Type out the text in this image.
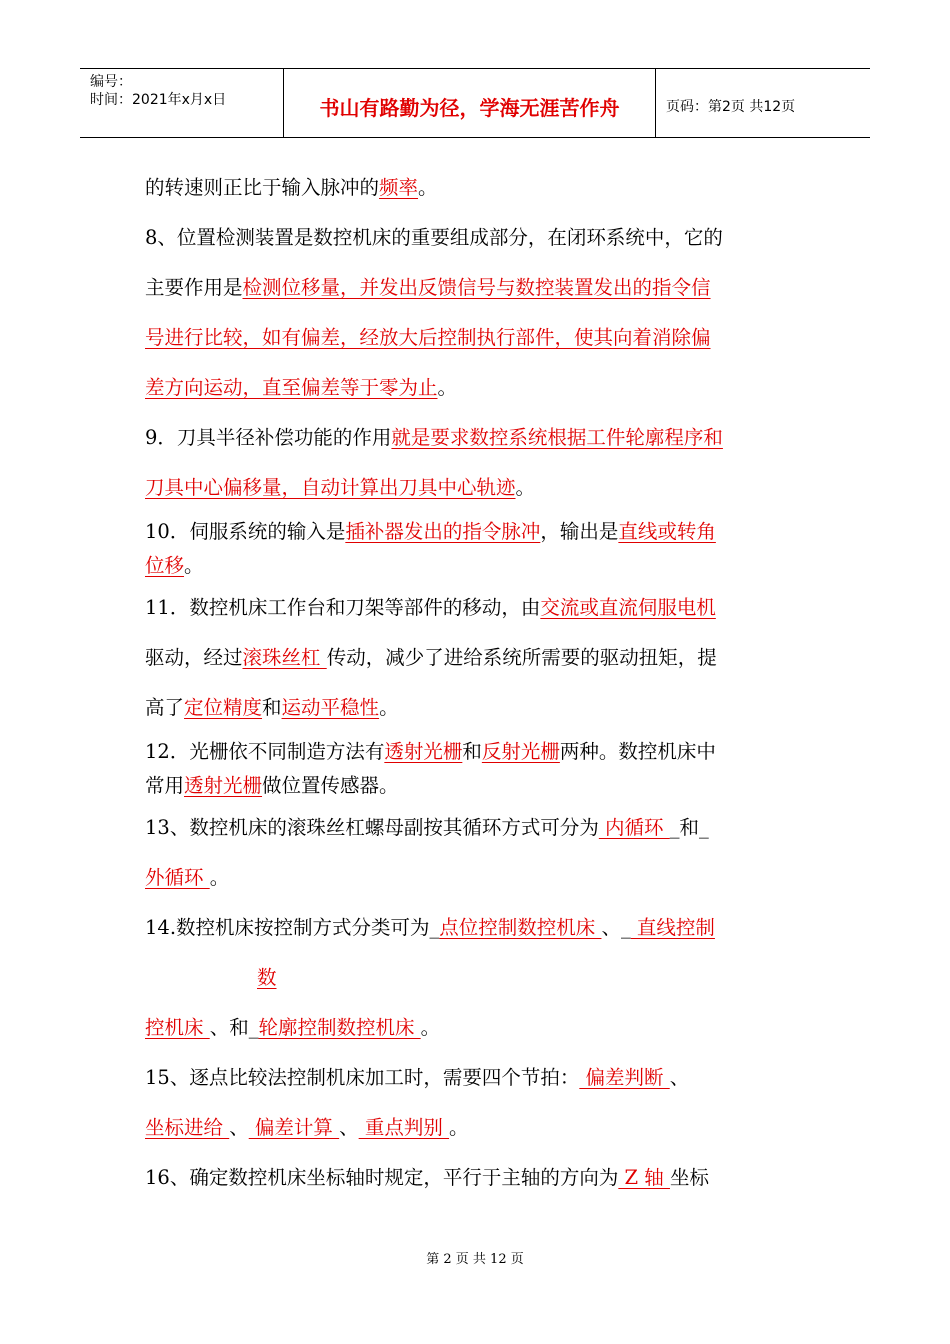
编号：
时间：2021年x月x日	书山有路勤为径，学海无涯苦作舟	页码：第2页 共12页
的转速则正比于输入脉冲的频率。
8、位置检测装置是数控机床的重要组成部分，在闭环系统中，它的
主要作用是检测位移量，并发出反馈信号与数控装置发出的指令信
号进行比较，如有偏差，经放大后控制执行部件，使其向着消除偏
差方向运动，直至偏差等于零为止。
9．刀具半径补偿功能的作用就是要求数控系统根据工件轮廓程序和
刀具中心偏移量，自动计算出刀具中心轨迹。
10．伺服系统的输入是插补器发出的指令脉冲，输出是直线或转角
位移。
11．数控机床工作台和刀架等部件的移动，由交流或直流伺服电机
驱动，经过滚珠丝杠 传动，减少了进给系统所需要的驱动扭矩，提
高了定位精度和运动平稳性。
12．光栅依不同制造方法有透射光栅和反射光栅两种。数控机床中
常用透射光栅做位置传感器。
13、数控机床的滚珠丝杠螺母副按其循环方式可分为 内循环 _和_
外循环 。
14.数控机床按控制方式分类可为_点位控制数控机床 、_ 直线控制
数
控机床 、和_轮廓控制数控机床 。
15、逐点比较法控制机床加工时，需要四个节拍： 偏差判断 、
坐标进给 、 偏差计算 、 重点判别 。
16、确定数控机床坐标轴时规定，平行于主轴的方向为 Z 轴 坐标
第 2 页 共 12 页
